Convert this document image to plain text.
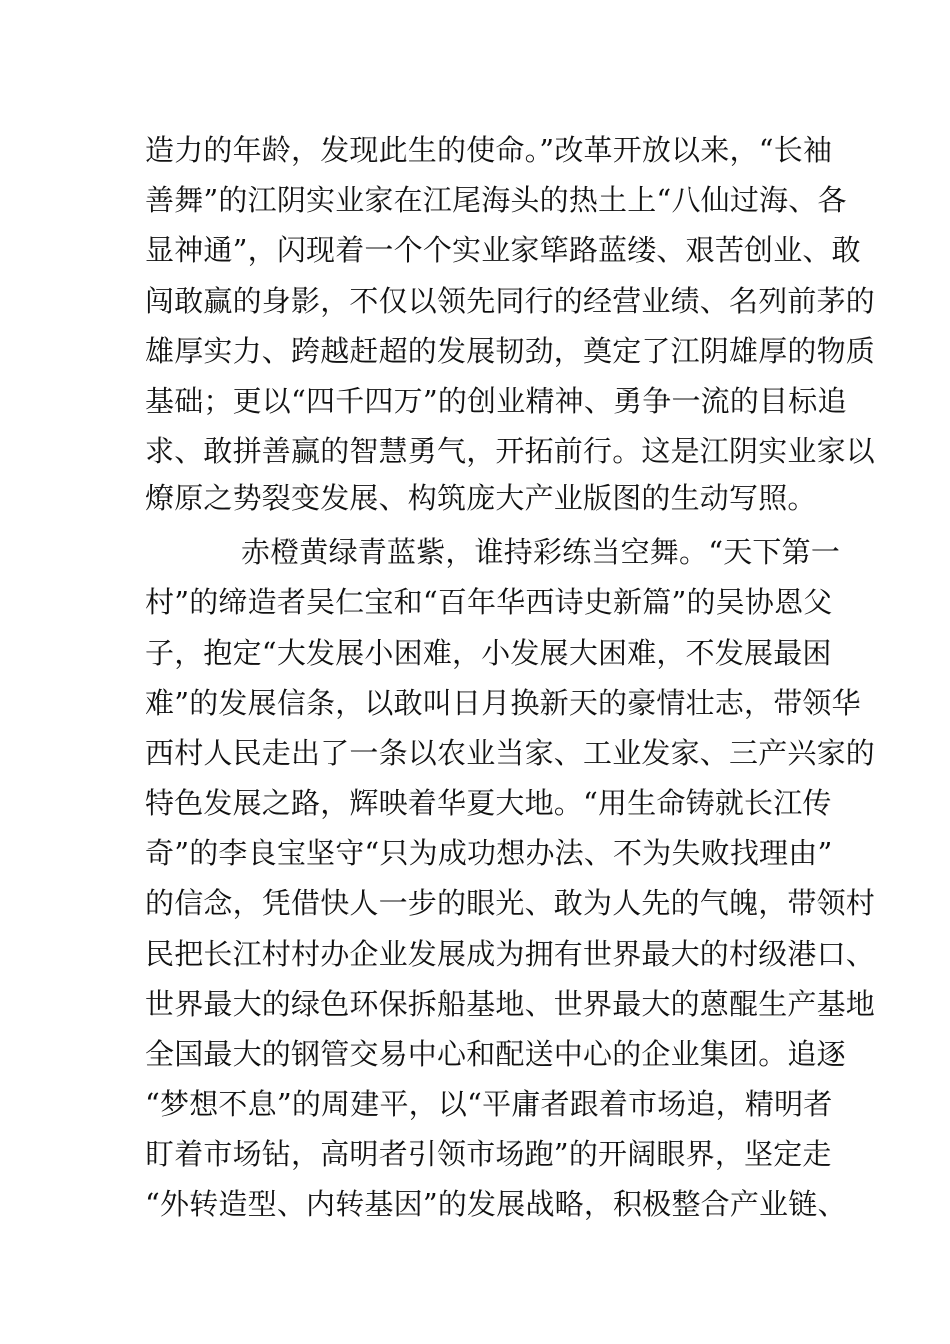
造力的年龄，发现此生的使命。”改革开放以来，“长袖
善舞”的江阴实业家在江尾海头的热土上“八仙过海、各
显神通”，闪现着一个个实业家筚路蓝缕、艰苦创业、敢
闯敢赢的身影，不仅以领先同行的经营业绩、名列前茅的
雄厚实力、跨越赶超的发展韧劲，奠定了江阴雄厚的物质
基础；更以“四千四万”的创业精神、勇争一流的目标追
求、敢拼善赢的智慧勇气，开拓前行。这是江阴实业家以
燎原之势裂变发展、构筑庞大产业版图的生动写照。
赤橙黄绿青蓝紫，谁持彩练当空舞。“天下第一
村”的缔造者吴仁宝和“百年华西诗史新篇”的吴协恩父
子，抱定“大发展小困难，小发展大困难，不发展最困
难”的发展信条，以敢叫日月换新天的豪情壮志，带领华
西村人民走出了一条以农业当家、工业发家、三产兴家的
特色发展之路，辉映着华夏大地。“用生命铸就长江传
奇”的李良宝坚守“只为成功想办法、不为失败找理由”
的信念，凭借快人一步的眼光、敢为人先的气魄，带领村
民把长江村村办企业发展成为拥有世界最大的村级港口、
世界最大的绿色环保拆船基地、世界最大的蒽醌生产基地
全国最大的钢管交易中心和配送中心的企业集团。追逐
“梦想不息”的周建平，以“平庸者跟着市场追，精明者
盯着市场钻，高明者引领市场跑”的开阔眼界，坚定走
“外转造型、内转基因”的发展战略，积极整合产业链、
